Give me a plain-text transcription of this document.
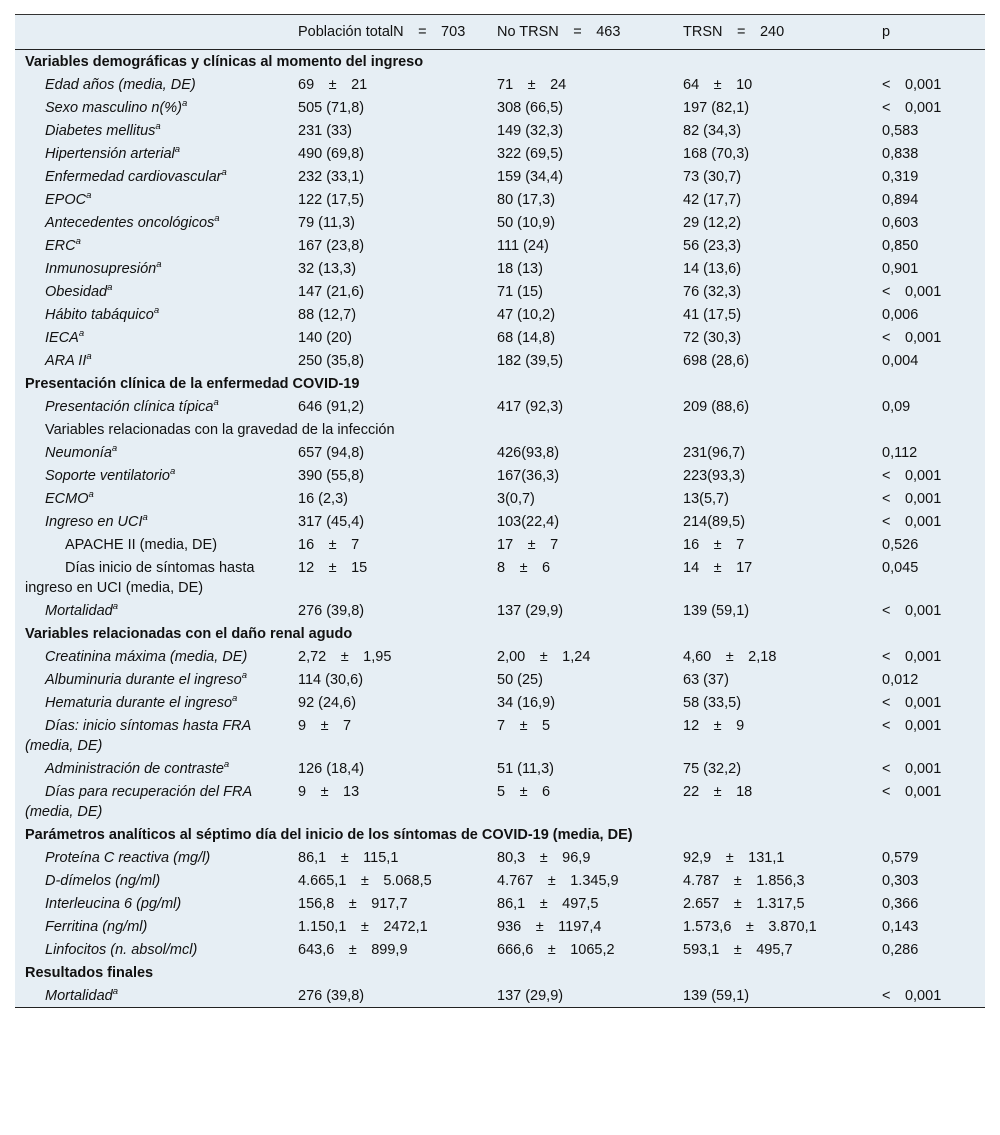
	Población totalN = 703	No TRSN = 463	TRSN = 240	p
Variables demográficas y clínicas al momento del ingreso				
Edad años (media, DE)	69 ± 21	71 ± 24	64 ± 10	< 0,001
Sexo masculino n(%)$^a$	505 (71,8)	308 (66,5)	197 (82,1)	< 0,001
Diabetes mellitus$^a$	231 (33)	149 (32,3)	82 (34,3)	0,583
Hipertensión arterial$^a$	490 (69,8)	322 (69,5)	168 (70,3)	0,838
Enfermedad cardiovascular$^a$	232 (33,1)	159 (34,4)	73 (30,7)	0,319
EPOC$^a$	122 (17,5)	80 (17,3)	42 (17,7)	0,894
Antecedentes oncológicos$^a$	79 (11,3)	50 (10,9)	29 (12,2)	0,603
ERC$^a$	167 (23,8)	111 (24)	56 (23,3)	0,850
Inmunosupresión$^a$	32 (13,3)	18 (13)	14 (13,6)	0,901
Obesidad$^a$	147 (21,6)	71 (15)	76 (32,3)	< 0,001
Hábito tabáquico$^a$	88 (12,7)	47 (10,2)	41 (17,5)	0,006
IECA$^a$	140 (20)	68 (14,8)	72 (30,3)	< 0,001
ARA $II^a$	250 (35,8)	182 (39,5)	698 (28,6)	0,004
Presentación clínica de la enfermedad COVID-19				
Presentación clínica típica$^a$	646 (91,2)	417 (92,3)	209 (88,6)	0,09
Variables relacionadas con la gravedad de la infección				
Neumonía$^a$	657 (94,8)	426(93,8)	231(96,7)	0,112
Soporte ventilatorio$^a$	390 (55,8)	167(36,3)	223(93,3)	< 0,001
ECMO$^a$	16 (2,3)	3(0,7)	13(5,7)	< 0,001
Ingreso en UCI$^a$	317 (45,4)	103(22,4)	214(89,5)	< 0,001
APACHE II (media, DE)	16 ± 7	17 ± 7	16 ± 7	0,526
Días inicio de síntomas hasta ingreso en UCI (media, DE)	12 ± 15	8 ± 6	14 ± 17	0,045
Mortalidad$^a$	276 (39,8)	137 (29,9)	139 (59,1)	< 0,001
Variables relacionadas con el daño renal agudo				
Creatinina máxima (media, DE)	2,72 ± 1,95	2,00 ± 1,24	4,60 ± 2,18	< 0,001
Albuminuria durante el ingreso$^a$	114 (30,6)	50 (25)	63 (37)	0,012
Hematuria durante el ingreso$^a$	92 (24,6)	34 (16,9)	58 (33,5)	< 0,001
Días: inicio síntomas hasta FRA (media, DE)	9 ± 7	7 ± 5	12 ± 9	< 0,001
Administración de contraste$^a$	126 (18,4)	51 (11,3)	75 (32,2)	< 0,001
Días para recuperación del FRA (media, DE)	9 ± 13	5 ± 6	22 ± 18	< 0,001
Parámetros analíticos al séptimo día del inicio de los síntomas de COVID-19 (media, DE)				
Proteína C reactiva (mg/l)	86,1 ± 115,1	80,3 ± 96,9	92,9 ± 131,1	0,579
D-dímelos (ng/ml)	4.665,1 ± 5.068,5	4.767 ± 1.345,9	4.787 ± 1.856,3	0,303
Interleucina 6 (pg/ml)	156,8 ± 917,7	86,1 ± 497,5	2.657 ± 1.317,5	0,366
Ferritina (ng/ml)	1.150,1 ± 2472,1	936 ± 1197,4	1.573,6 ± 3.870,1	0,143
Linfocitos (n. absol/mcl)	643,6 ± 899,9	666,6 ± 1065,2	593,1 ± 495,7	0,286
Resultados finales				
Mortalidad$^a$	276 (39,8)	137 (29,9)	139 (59,1)	< 0,001
